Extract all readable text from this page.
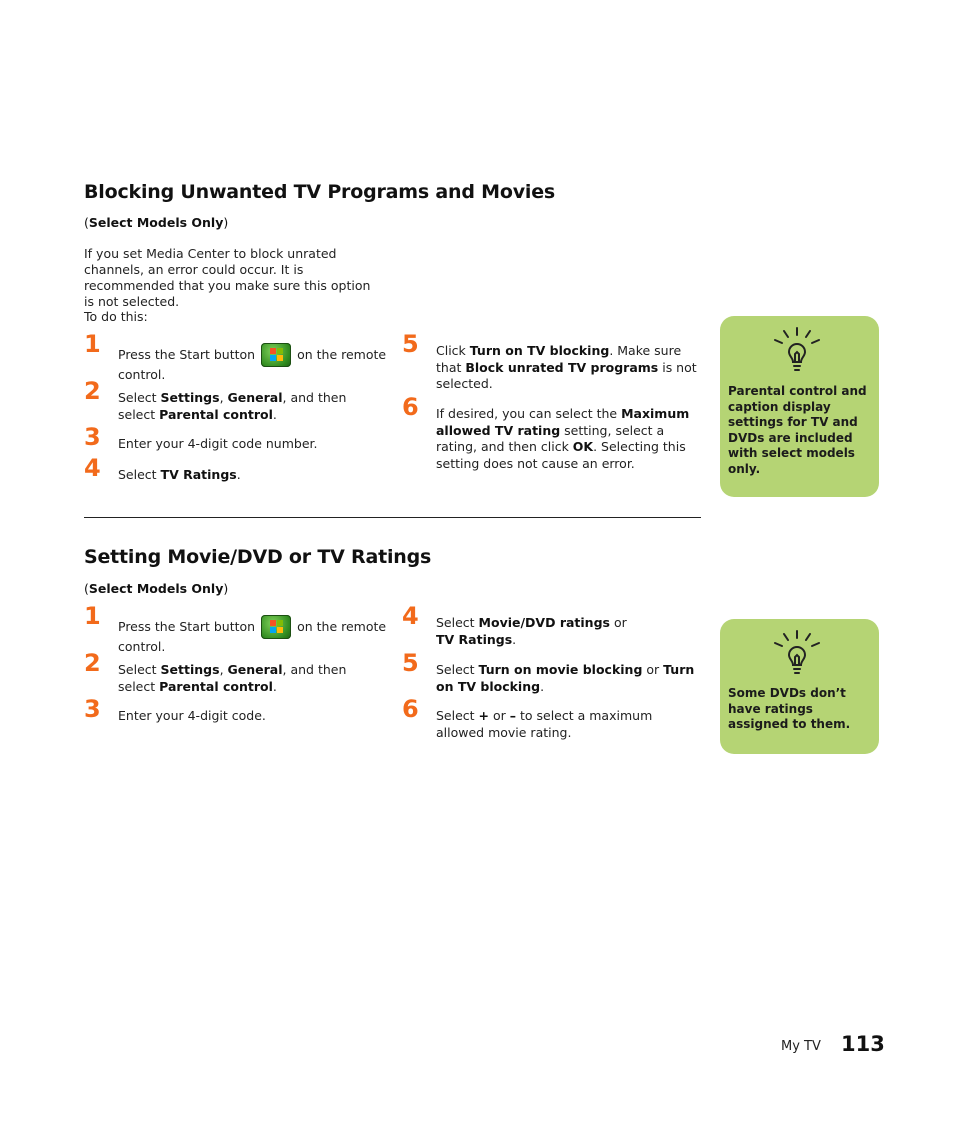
Blocking Unwanted TV Programs and Movies
(Select Models Only)
If you set Media Center to block unrated channels, an error could occur. It is recommended that you make sure this option is not selected.
To do this:
1 Press the Start button	on the remote control.
2 Select Settings, General, and then select Parental control.
3 Enter your 4-digit code number.
4 Select TV Ratings.
5 Click Turn on TV blocking. Make sure that Block unrated TV programs is not selected.
6 If desired, you can select the Maximum allowed TV rating setting, select a rating, and then click OK. Selecting this setting does not cause an error.
Parental control and caption display settings for TV and DVDs are included with select models only.
Setting Movie/DVD or TV Ratings
(Select Models Only)
1 Press the Start button	on the remote control.
2 Select Settings, General, and then select Parental control.
3 Enter your 4-digit code.
4 Select Movie/DVD ratings or
TV Ratings.
5 Select Turn on movie blocking or Turn on TV blocking.
6 Select + or – to select a maximum allowed movie rating.
Some DVDs don’t have ratings assigned to them.
My TV 113
